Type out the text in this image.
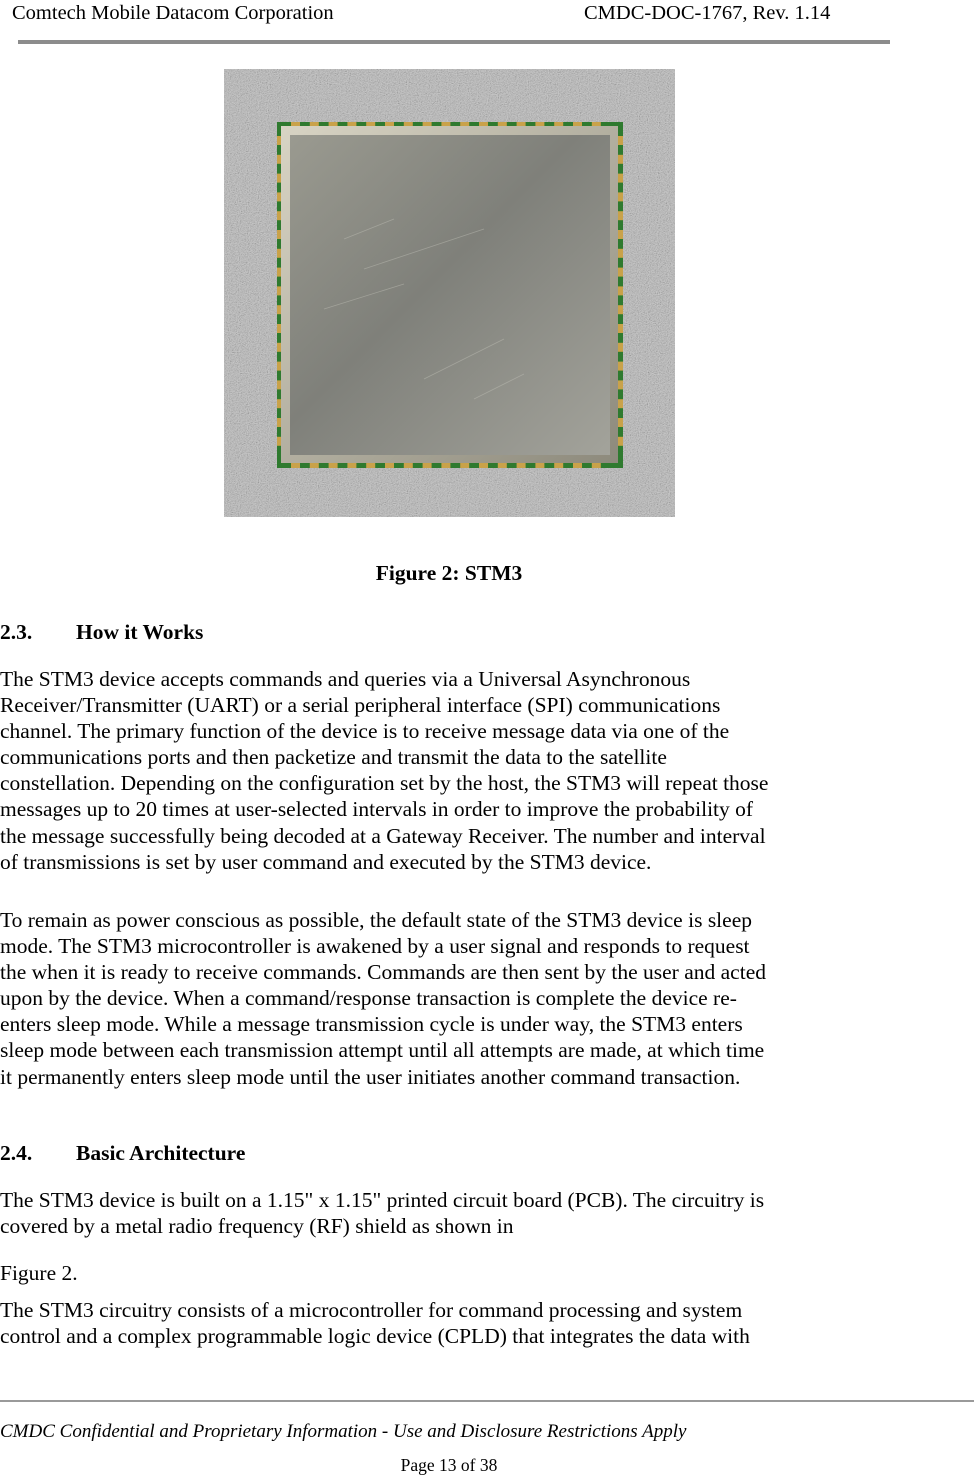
Comtech Mobile Datacom Corporation	CMDC-DOC-1767, Rev. 1.14
Figure 2: STM3
2.3. How it Works
The STM3 device accepts commands and queries via a Universal Asynchronous
Receiver/Transmitter (UART) or a serial peripheral interface (SPI) communications
channel. The primary function of the device is to receive message data via one of the
communications ports and then packetize and transmit the data to the satellite
constellation. Depending on the configuration set by the host, the STM3 will repeat those
messages up to 20 times at user-selected intervals in order to improve the probability of
the message successfully being decoded at a Gateway Receiver. The number and interval
of transmissions is set by user command and executed by the STM3 device.
To remain as power conscious as possible, the default state of the STM3 device is sleep
mode. The STM3 microcontroller is awakened by a user signal and responds to request
the when it is ready to receive commands. Commands are then sent by the user and acted
upon by the device. When a command/response transaction is complete the device re-
enters sleep mode. While a message transmission cycle is under way, the STM3 enters
sleep mode between each transmission attempt until all attempts are made, at which time
it permanently enters sleep mode until the user initiates another command transaction.
2.4. Basic Architecture
The STM3 device is built on a 1.15" x 1.15" printed circuit board (PCB). The circuitry is
covered by a metal radio frequency (RF) shield as shown in
Figure 2.
The STM3 circuitry consists of a microcontroller for command processing and system
control and a complex programmable logic device (CPLD) that integrates the data with
CMDC Confidential and Proprietary Information - Use and Disclosure Restrictions Apply
Page 13 of 38
